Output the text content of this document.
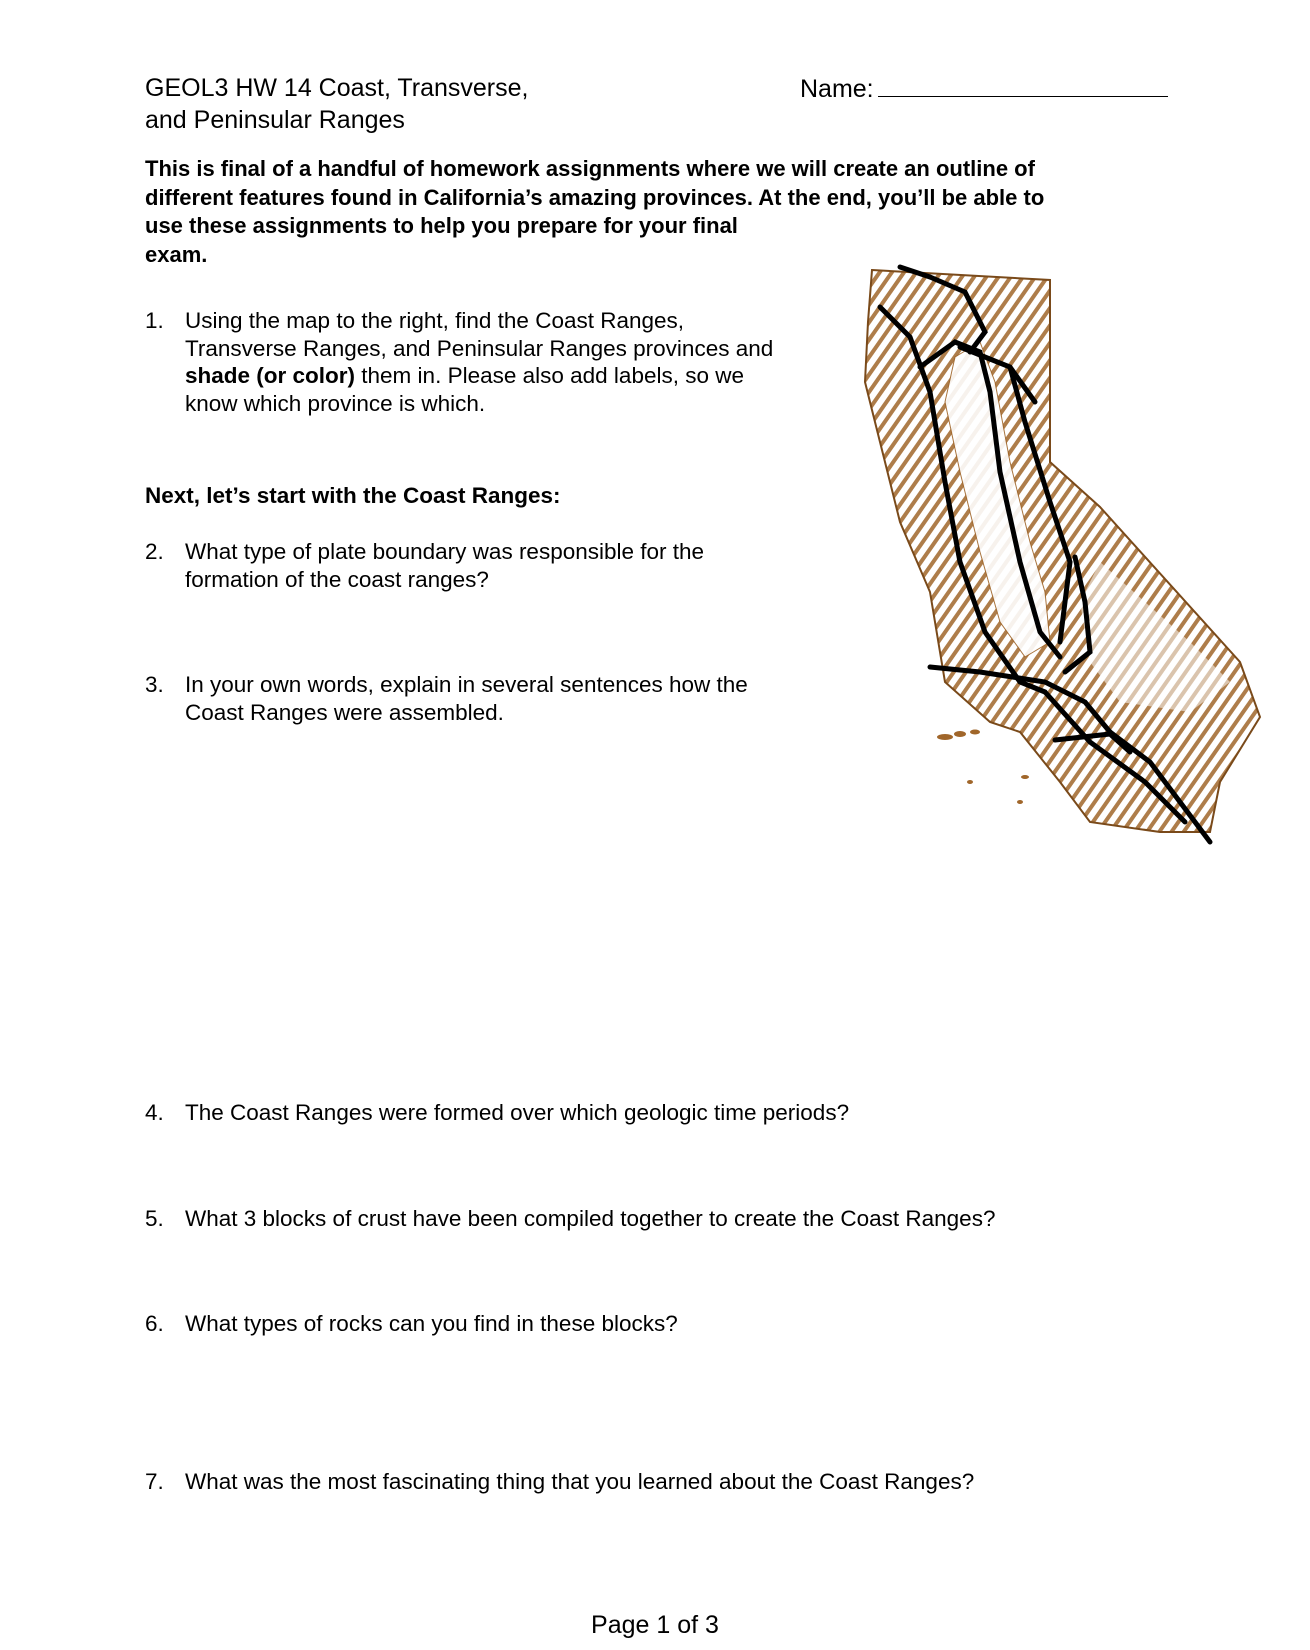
GEOL3 HW 14 Coast, Transverse,
and Peninsular Ranges
Name:
This is final of a handful of homework assignments where we will create an outline of
different features found in California’s amazing provinces. At the end, you’ll be able to
use these assignments to help you prepare for your final
exam.
1. Using the map to the right, find the Coast Ranges,
Transverse Ranges, and Peninsular Ranges provinces and
shade (or color) them in. Please also add labels, so we
know which province is which.
Next, let’s start with the Coast Ranges:
2. What type of plate boundary was responsible for the
formation of the coast ranges?
3. In your own words, explain in several sentences how the
Coast Ranges were assembled.
4. The Coast Ranges were formed over which geologic time periods?
5. What 3 blocks of crust have been compiled together to create the Coast Ranges?
6. What types of rocks can you find in these blocks?
7. What was the most fascinating thing that you learned about the Coast Ranges?
Page 1 of 3
